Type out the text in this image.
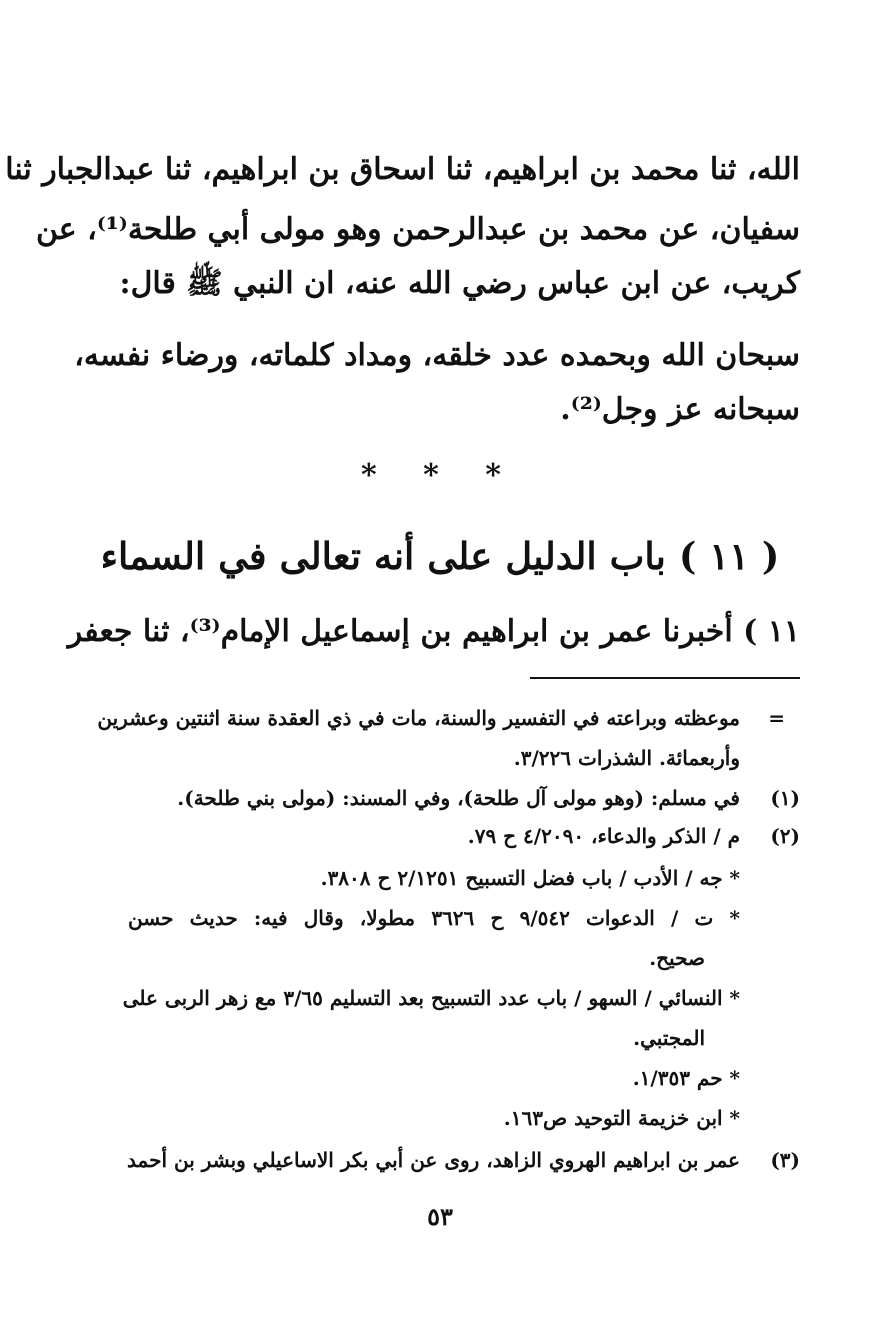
الله، ثنا محمد بن ابراهيم، ثنا اسحاق بن ابراهيم، ثنا عبدالجبار ثنا
سفيان، عن محمد بن عبدالرحمن وهو مولى أبي طلحة⁽¹⁾، عن
كريب، عن ابن عباس رضي الله عنه، ان النبي ﷺ قال:
سبحان الله وبحمده عدد خلقه، ومداد كلماته، ورضاء نفسه،
سبحانه عز وجل⁽²⁾.
* * *
( ١١ ) باب الدليل على أنه تعالى في السماء
١١ ) أخبرنا عمر بن ابراهيم بن إسماعيل الإمام⁽³⁾، ثنا جعفر
=
موعظته وبراعته في التفسير والسنة، مات في ذي العقدة سنة اثنتين وعشرين
وأربعمائة. الشذرات ٣/٢٢٦.
(١)
في مسلم: (وهو مولى آل طلحة)، وفي المسند: (مولى بني طلحة).
(٢)
م / الذكر والدعاء، ٤/٢٠٩٠ ح ٧٩.
* جه / الأدب / باب فضل التسبيح ٢/١٢٥١ ح ٣٨٠٨.
* ت / الدعوات ٩/٥٤٢ ح ٣٦٢٦ مطولا، وقال فيه: حديث حسن
صحيح.
* النسائي / السهو / باب عدد التسبيح بعد التسليم ٣/٦٥ مع زهر الربى على
المجتبي.
* حم ١/٣٥٣.
* ابن خزيمة التوحيد ص١٦٣.
(٣)
عمر بن ابراهيم الهروي الزاهد، روى عن أبي بكر الاساعيلي وبشر بن أحمد
٥٣
